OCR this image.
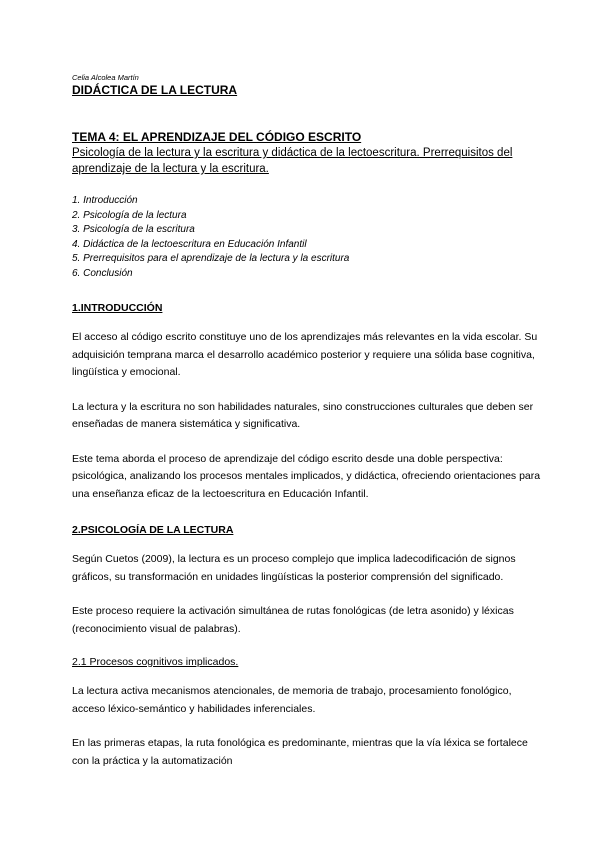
Celia Alcolea Martín

DIDÁCTICA DE LA LECTURA

TEMA 4: EL APRENDIZAJE DEL CÓDIGO ESCRITO

Psicología de la lectura y la escritura y didáctica de la lectoescritura. Prerrequisitos del aprendizaje de la lectura y la escritura.

1. Introducción
2. Psicología de la lectura
3. Psicología de la escritura
4. Didáctica de la lectoescritura en Educación Infantil
5. Prerrequisitos para el aprendizaje de la lectura y la escritura
6. Conclusión

1.INTRODUCCIÓN

El acceso al código escrito constituye uno de los aprendizajes más relevantes en la vida escolar. Su adquisición temprana marca el desarrollo académico posterior y requiere una sólida base cognitiva, lingüística y emocional.

La lectura y la escritura no son habilidades naturales, sino construcciones culturales que deben ser enseñadas de manera sistemática y significativa.

Este tema aborda el proceso de aprendizaje del código escrito desde una doble perspectiva: psicológica, analizando los procesos mentales implicados, y didáctica, ofreciendo orientaciones para una enseñanza eficaz de la lectoescritura en Educación Infantil.

2.PSICOLOGÍA DE LA LECTURA

Según Cuetos (2009), la lectura es un proceso complejo que implica ladecodificación de signos gráficos, su transformación en unidades lingüísticas la posterior comprensión del significado.

Este proceso requiere la activación simultánea de rutas fonológicas (de letra asonido) y léxicas (reconocimiento visual de palabras).

2.1 Procesos cognitivos implicados.

La lectura activa mecanismos atencionales, de memoria de trabajo, procesamiento fonológico, acceso léxico-semántico y habilidades inferenciales.

En las primeras etapas, la ruta fonológica es predominante, mientras que la vía léxica se fortalece con la práctica y la automatización
